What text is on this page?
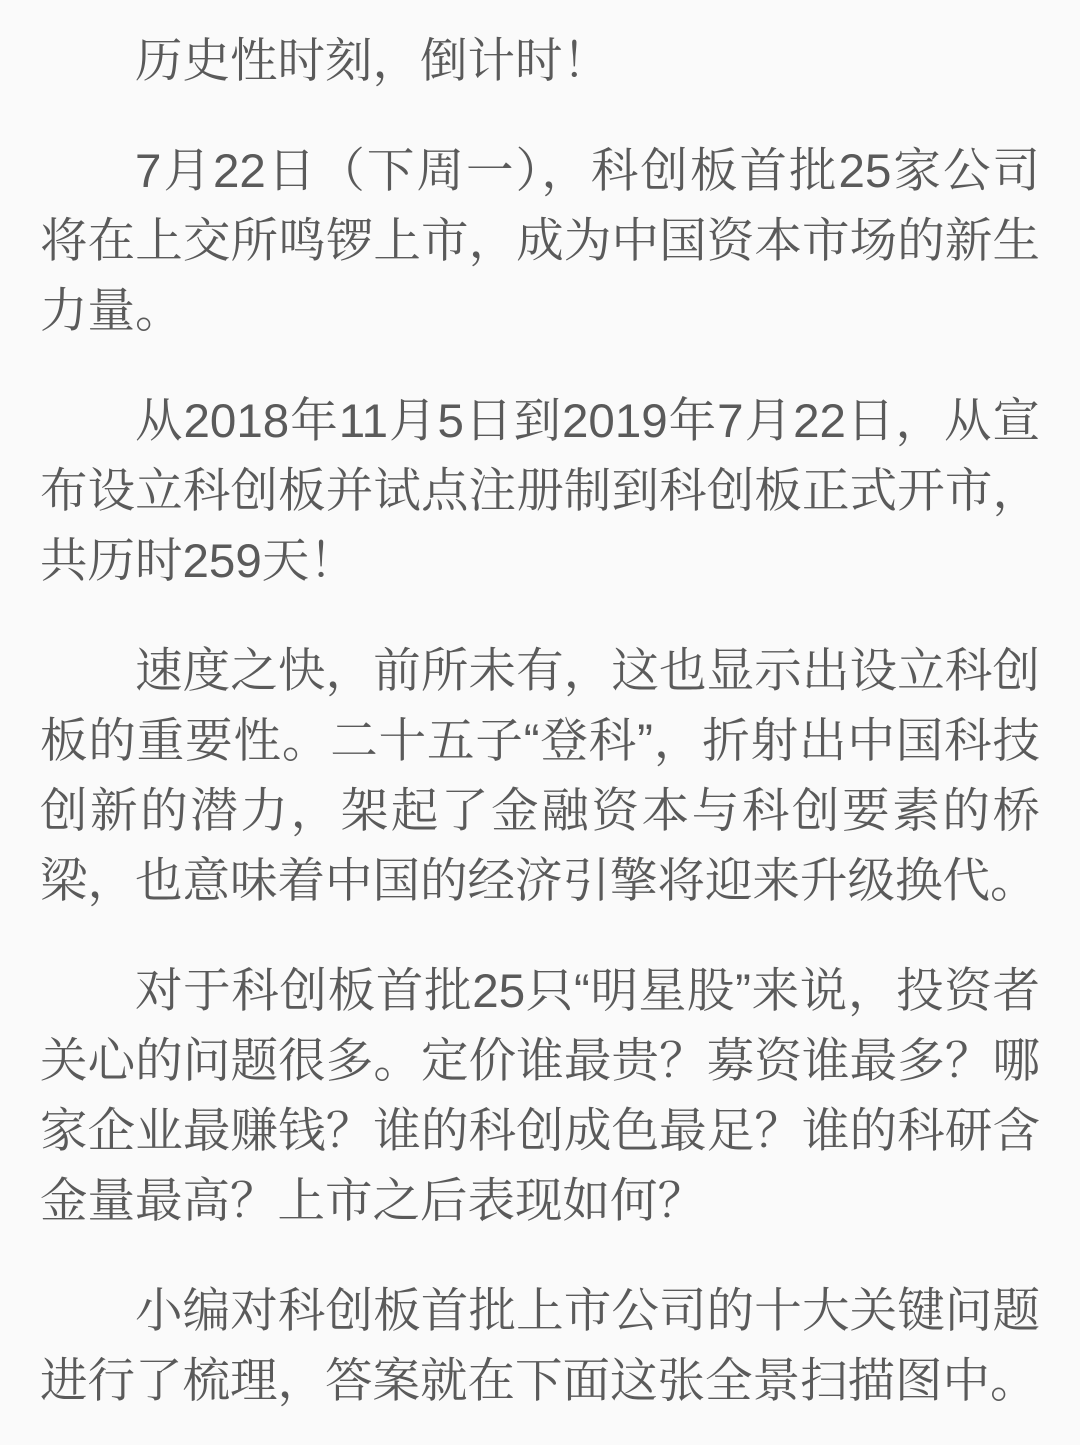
历史性时刻，倒计时！

7月22日（下周一），科创板首批25家公司将在上交所鸣锣上市，成为中国资本市场的新生力量。

从2018年11月5日到2019年7月22日，从宣布设立科创板并试点注册制到科创板正式开市，共历时259天！

速度之快，前所未有，这也显示出设立科创板的重要性。二十五子“登科”，折射出中国科技创新的潜力，架起了金融资本与科创要素的桥梁，也意味着中国的经济引擎将迎来升级换代。

对于科创板首批25只“明星股”来说，投资者关心的问题很多。定价谁最贵？募资谁最多？哪家企业最赚钱？谁的科创成色最足？谁的科研含金量最高？上市之后表现如何？

小编对科创板首批上市公司的十大关键问题进行了梳理，答案就在下面这张全景扫描图中。
